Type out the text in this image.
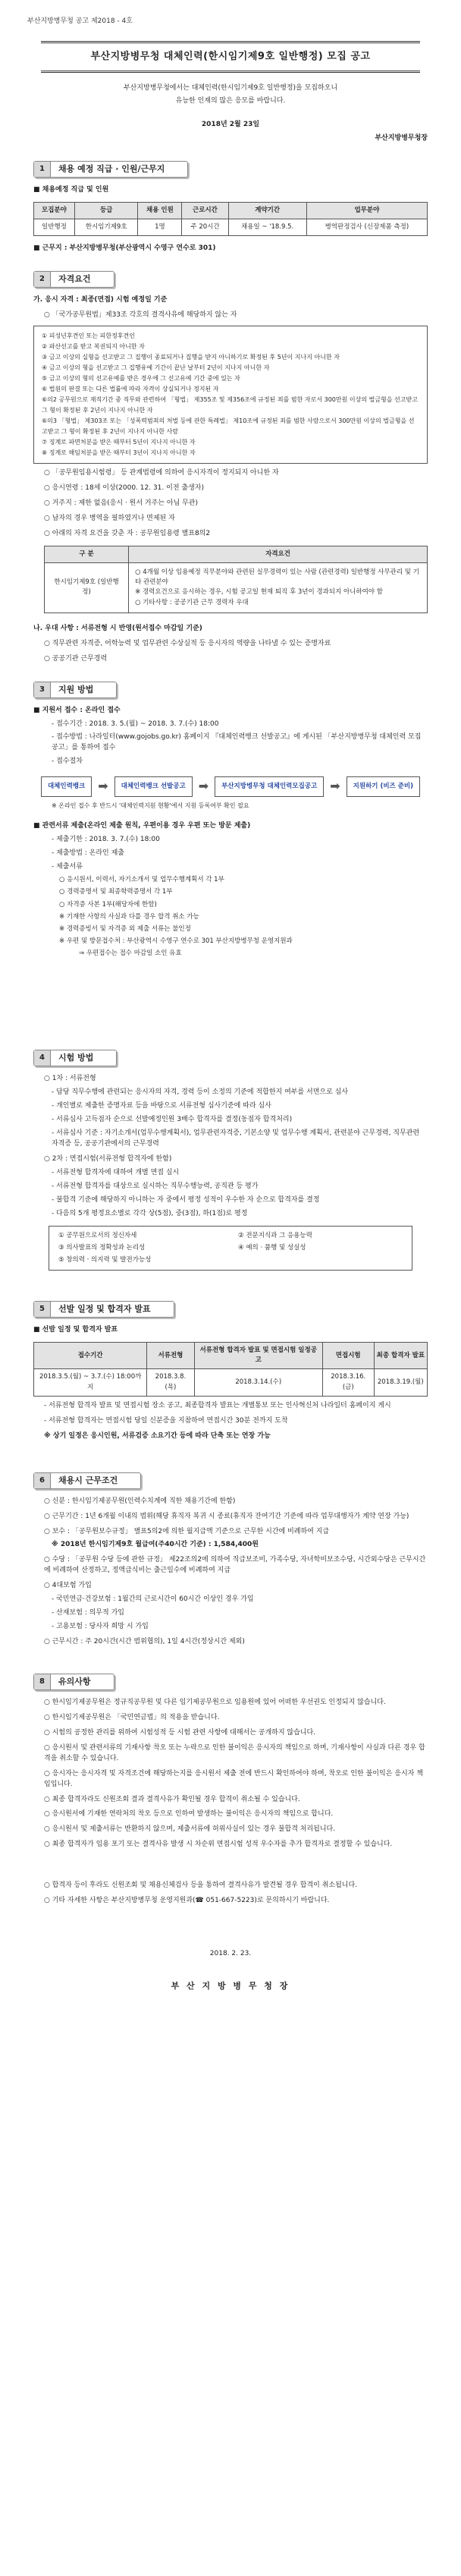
부산지방병무청 공고 제2018 - 4호
부산지방병무청 대체인력(한시임기제9호 일반행정) 모집 공고
부산지방병무청에서는 대체인력(한시임기제9호 일반행정)을 모집하오니
유능한 인재의 많은 응모를 바랍니다.
2018년 2월 23일
부산지방병무청장
1	채용 예정 직급 · 인원/근무지
■ 채용예정 직급 및 인원
모집분야	등급	채용 인원	근로시간	계약기간	업무분야
일반행정	한시임기제9호	1명	주 20시간	채용일 ~ '18.9.5.	병역판정검사 (신장제품 측정)
■ 근무지 : 부산지방병무청(부산광역시 수영구 연수로 301)
2	자격요건
가. 응시 자격 : 최종(면접) 시험 예정일 기준
○ 「국가공무원법」제33조 각호의 결격사유에 해당하지 않는 자
① 피성년후견인 또는 피한정후견인
② 파산선고를 받고 복권되지 아니한 자
③ 금고 이상의 실형을 선고받고 그 집행이 종료되거나 집행을 받지 아니하기로 확정된 후 5년이 지나지 아니한 자
④ 금고 이상의 형을 선고받고 그 집행유예 기간이 끝난 날부터 2년이 지나지 아니한 자
⑤ 금고 이상의 형의 선고유예를 받은 경우에 그 선고유예 기간 중에 있는 자
⑥ 법원의 판결 또는 다른 법률에 따라 자격이 상실되거나 정지된 자
⑥의2 공무원으로 재직기간 중 직무와 관련하여 「형법」 제355조 및 제356조에 규정된 죄를 범한 자로서 300만원 이상의 벌금형을 선고받고 그 형이 확정된 후 2년이 지나지 아니한 자
⑥의3 「형법」 제303조 또는 「성폭력범죄의 처벌 등에 관한 특례법」 제10조에 규정된 죄를 범한 사람으로서 300만원 이상의 벌금형을 선고받고 그 형이 확정된 후 2년이 지나지 아니한 사람
⑦ 징계로 파면처분을 받은 때부터 5년이 지나지 아니한 자
⑧ 징계로 해임처분을 받은 때부터 3년이 지나지 아니한 자
○ 「공무원임용시험령」 등 관계법령에 의하여 응시자격이 정지되지 아니한 자
○ 응시연령 : 18세 이상(2000. 12. 31. 이전 출생자)
○ 거주지 : 제한 없음(응시 · 원서 거주는 아님 무관)
○ 남자의 경우 병역을 필하였거나 면제된 자
○ 아래의 자격 요건을 갖춘 자 : 공무원임용령 별표8의2
구 분	자격요건
한시임기제9호 (일반행정)	○ 4개월 이상 임용예정 직무분야와 관련된 실무경력이 있는 사람 (관련경력) 일반행정 사무관리 및 기타 관련분야
※ 경력요건으로 응시하는 경우, 시험 공고일 현재 퇴직 후 3년이 경과되지 아니하여야 함
○ 기타사항 : 공공기관 근무 경력자 우대
나. 우대 사항 : 서류전형 시 반영(원서접수 마감일 기준)
○ 직무관련 자격증, 어학능력 및 업무관련 수상실적 등 응시자의 역량을 나타낼 수 있는 증명자료
○ 공공기관 근무경력
3	지원 방법
■ 지원서 접수 : 온라인 접수
- 접수기간 : 2018. 3. 5.(월) ~ 2018. 3. 7.(수) 18:00
- 접수방법 : 나라일터(www.gojobs.go.kr) 홈페이지 『대체인력뱅크 선발공고』에 게시된 「부산지방병무청 대체인력 모집공고」를 통하여 접수
- 접수절차
대체인력뱅크	➡	대체인력뱅크 선발공고	➡	부산지방병무청 대체인력모집공고	➡	지원하기 (비즈 준비)
※ 온라인 접수 후 반드시 '대체인력지원 현황'에서 지원 등록여부 확인 필요
■ 관련서류 제출(온라인 제출 원칙, 우편이용 경우 우편 또는 방문 제출)
- 제출기한 : 2018. 3. 7.(수) 18:00
- 제출방법 : 온라인 제출
- 제출서류
○ 응시원서, 이력서, 자기소개서 및 업무수행계획서 각 1부
○ 경력증명서 및 최종학력증명서 각 1부
○ 자격증 사본 1부(해당자에 한함)
※ 기재한 사항의 사실과 다를 경우 합격 취소 가능
※ 경력증빙서 및 자격증 외 제출 서류는 불인정
※ 우편 및 방문접수처 : 부산광역시 수영구 연수로 301 부산지방병무청 운영지원과
⇒ 우편접수는 접수 마감일 소인 유효
4	시험 방법
○ 1차 : 서류전형
- 담당 직무수행에 관련되는 응시자의 자격, 경력 등이 소정의 기준에 적합한지 여부를 서면으로 심사
- 개인별로 제출한 증명자료 등을 바탕으로 서류전형 심사기준에 따라 심사
- 서류심사 고득점자 순으로 선발예정인원 3배수 합격자를 결정(동점자 합격처리)
- 서류심사 기준 : 자기소개서(업무수행계획서), 업무관련자격증, 기본소양 및 업무수행 계획서, 관련분야 근무경력, 직무관련 자격증 등, 공공기관에서의 근무경력
○ 2차 : 면접시험(서류전형 합격자에 한함)
- 서류전형 합격자에 대하여 개별 면접 실시
- 서류전형 합격자를 대상으로 실시하는 직무수행능력, 공직관 등 평가
- 불합격 기준에 해당하지 아니하는 자 중에서 평정 성적이 우수한 자 순으로 합격자를 결정
- 다음의 5개 평정요소별로 각각 상(5점), 중(3점), 하(1점)로 평정
① 공무원으로서의 정신자세	② 전문지식과 그 응용능력
③ 의사발표의 정확성과 논리성	④ 예의 · 품행 및 성실성
⑤ 창의력 · 의지력 및 발전가능성
5	선발 일정 및 합격자 발표
■ 선발 일정 및 합격자 발표
접수기간	서류전형	서류전형 합격자 발표 및 면접시험 일정공고	면접시험	최종 합격자 발표
2018.3.5.(월) ~ 3.7.(수) 18:00까지	2018.3.8.(목)	2018.3.14.(수)	2018.3.16.(금)	2018.3.19.(월)
- 서류전형 합격자 발표 및 면접시험 장소 공고, 최종합격자 발표는 개별통보 또는 인사혁신처 나라일터 홈페이지 게시
- 서류전형 합격자는 면접시험 당일 신분증을 지참하여 면접시간 30분 전까지 도착
※ 상기 일정은 응시인원, 서류검증 소요기간 등에 따라 단축 또는 연장 가능
6	채용시 근무조건
○ 신분 : 한시임기제공무원(인력수치계에 직한 채용기간에 한함)
○ 근무기간 : 1년 6개월 이내의 범위(해당 휴직자 복귀 시 종료(휴직자 잔여기간 기준에 따라 업무대행자가 계약 연장 가능)
○ 보수 : 「공무원보수규정」 별표5의2에 의한 월지급액 기준으로 근무한 시간에 비례하여 지급
※ 2018년 한시임기제9호 월급여(주40시간 기준) : 1,584,400원
○ 수당 : 「공무원 수당 등에 관한 규정」 제22조의2에 의하여 직급보조비, 가족수당, 자녀학비보조수당, 시간외수당은 근무시간에 비례하여 산정하고, 정액급식비는 출근일수에 비례하여 지급
○ 4대보험 가입
- 국민연금·건강보험 : 1월간의 근로시간이 60시간 이상인 경우 가입
- 산재보험 : 의무적 가입
- 고용보험 : 당사자 희망 시 가입
○ 근무시간 : 주 20시간(시간 범위협의), 1일 4시간(정상시간 제외)
8	유의사항
○ 한시임기제공무원은 정규직공무원 및 다른 임기제공무원으로 임용원에 있어 어떠한 우선권도 인정되지 않습니다.
○ 한시임기제공무원은 「국민연금법」의 적용을 받습니다.
○ 시험의 공정한 관리를 위하여 시험성적 등 시험 관련 사항에 대해서는 공개하지 않습니다.
○ 응시원서 및 관련서류의 기재사항 착오 또는 누락으로 인한 불이익은 응시자의 책임으로 하며, 기재사항이 사실과 다른 경우 합격을 취소할 수 있습니다.
○ 응시자는 응시자격 및 자격조건에 해당하는지를 응시원서 제출 전에 반드시 확인하여야 하며, 착오로 인한 불이익은 응시자 책임입니다.
○ 최종 합격자라도 신원조회 결과 결격사유가 확인될 경우 합격이 취소될 수 있습니다.
○ 응시원서에 기재한 연락처의 착오 등으로 인하여 발생하는 불이익은 응시자의 책임으로 합니다.
○ 응시원서 및 제출서류는 반환하지 않으며, 제출서류에 허위사실이 있는 경우 불합격 처리됩니다.
○ 최종 합격자가 임용 포기 또는 결격사유 발생 시 차순위 면접시험 성적 우수자를 추가 합격자로 결정할 수 있습니다.
○ 합격자 등이 후라도 신원조회 및 채용신체검사 등을 통하여 결격사유가 발견될 경우 합격이 취소됩니다.
○ 기타 자세한 사항은 부산지방병무청 운영지원과(☎ 051-667-5223)로 문의하시기 바랍니다.
2018. 2. 23.
부 산 지 방 병 무 청 장
